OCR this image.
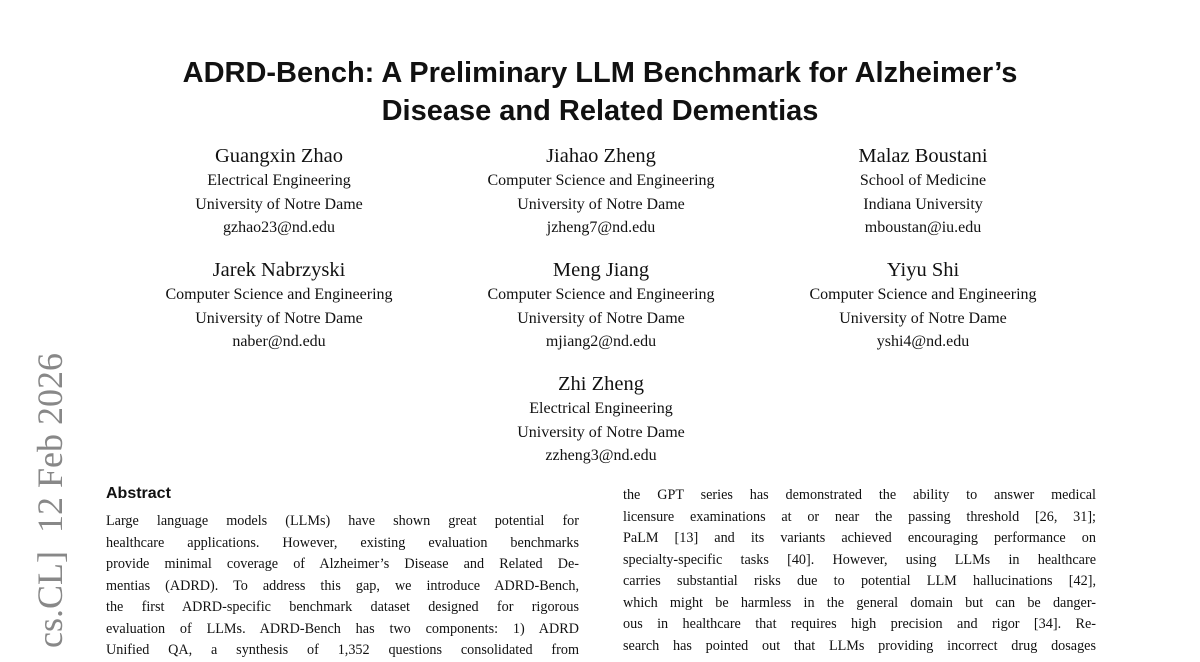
ADRD-Bench: A Preliminary LLM Benchmark for Alzheimer’s
Disease and Related Dementias
Guangxin Zhao
Electrical Engineering
University of Notre Dame
gzhao23@nd.edu
Jiahao Zheng
Computer Science and Engineering
University of Notre Dame
jzheng7@nd.edu
Malaz Boustani
School of Medicine
Indiana University
mboustan@iu.edu
Jarek Nabrzyski
Computer Science and Engineering
University of Notre Dame
naber@nd.edu
Meng Jiang
Computer Science and Engineering
University of Notre Dame
mjiang2@nd.edu
Yiyu Shi
Computer Science and Engineering
University of Notre Dame
yshi4@nd.edu
Zhi Zheng
Electrical Engineering
University of Notre Dame
zzheng3@nd.edu
cs.CL]  12 Feb 2026 Abstract
Large language models (LLMs) have shown great potential for
healthcare applications. However, existing evaluation benchmarks
provide minimal coverage of Alzheimer’s Disease and Related De-
mentias (ADRD). To address this gap, we introduce ADRD-Bench,
the first ADRD-specific benchmark dataset designed for rigorous
evaluation of LLMs. ADRD-Bench has two components: 1) ADRD
Unified QA, a synthesis of 1,352 questions consolidated from
the GPT series has demonstrated the ability to answer medical
licensure examinations at or near the passing threshold [26, 31];
PaLM [13] and its variants achieved encouraging performance on
specialty-specific tasks [40]. However, using LLMs in healthcare
carries substantial risks due to potential LLM hallucinations [42],
which might be harmless in the general domain but can be danger-
ous in healthcare that requires high precision and rigor [34]. Re-
search has pointed out that LLMs providing incorrect drug dosages
